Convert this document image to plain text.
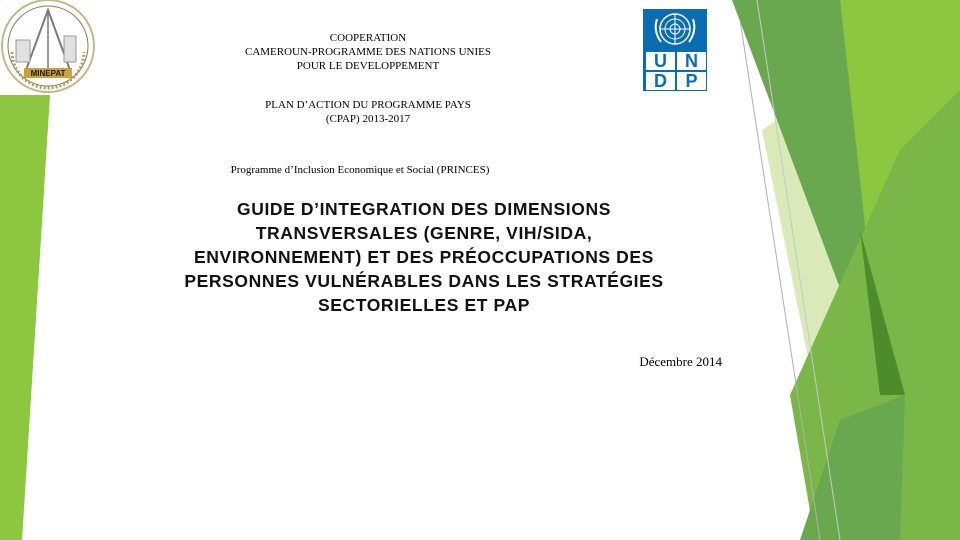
MINEPAT
U	N
D	P
COOPERATION
CAMEROUN-PROGRAMME DES NATIONS UNIES
POUR LE DEVELOPPEMENT
PLAN D’ACTION DU PROGRAMME PAYS
(CPAP) 2013-2017
Programme d’Inclusion Economique et Social (PRINCES)
GUIDE D’INTEGRATION DES DIMENSIONS
TRANSVERSALES (GENRE, VIH/SIDA,
ENVIRONNEMENT) ET DES PRÉOCCUPATIONS DES
PERSONNES VULNÉRABLES DANS LES STRATÉGIES
SECTORIELLES ET PAP
Décembre 2014
